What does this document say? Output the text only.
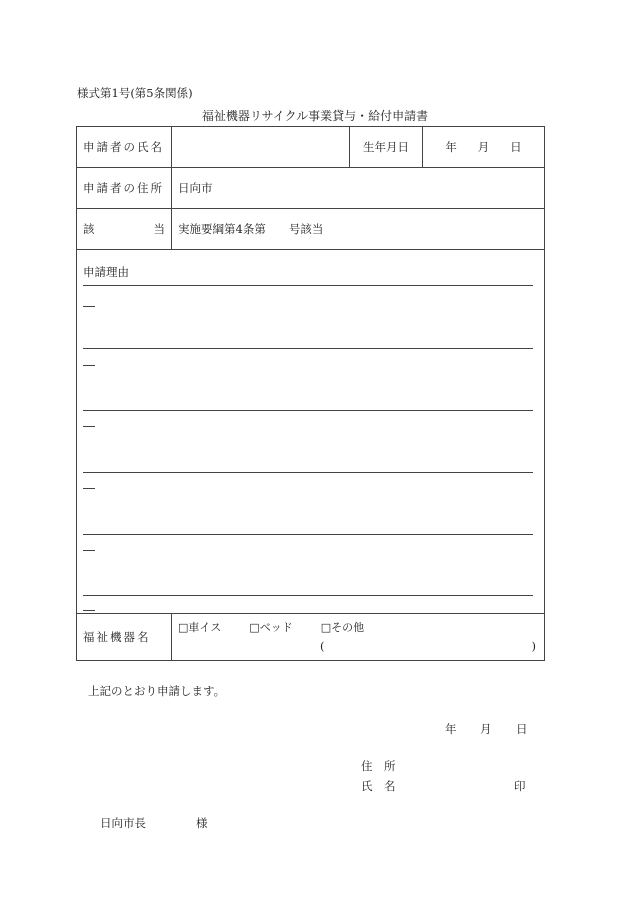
様式第1号(第5条関係)
福祉機器リサイクル事業貸与・給付申請書
申請者の氏名		生年月日	年 月 日

申請者の住所	日向市		

該 当	実施要綱第4条第　　号該当		

申請理由			

福祉機器名	□車イス □ベッド □その他
( )		
上記のとおり申請します。
年 月 日
住　所
氏　名	印
日向市長	様
